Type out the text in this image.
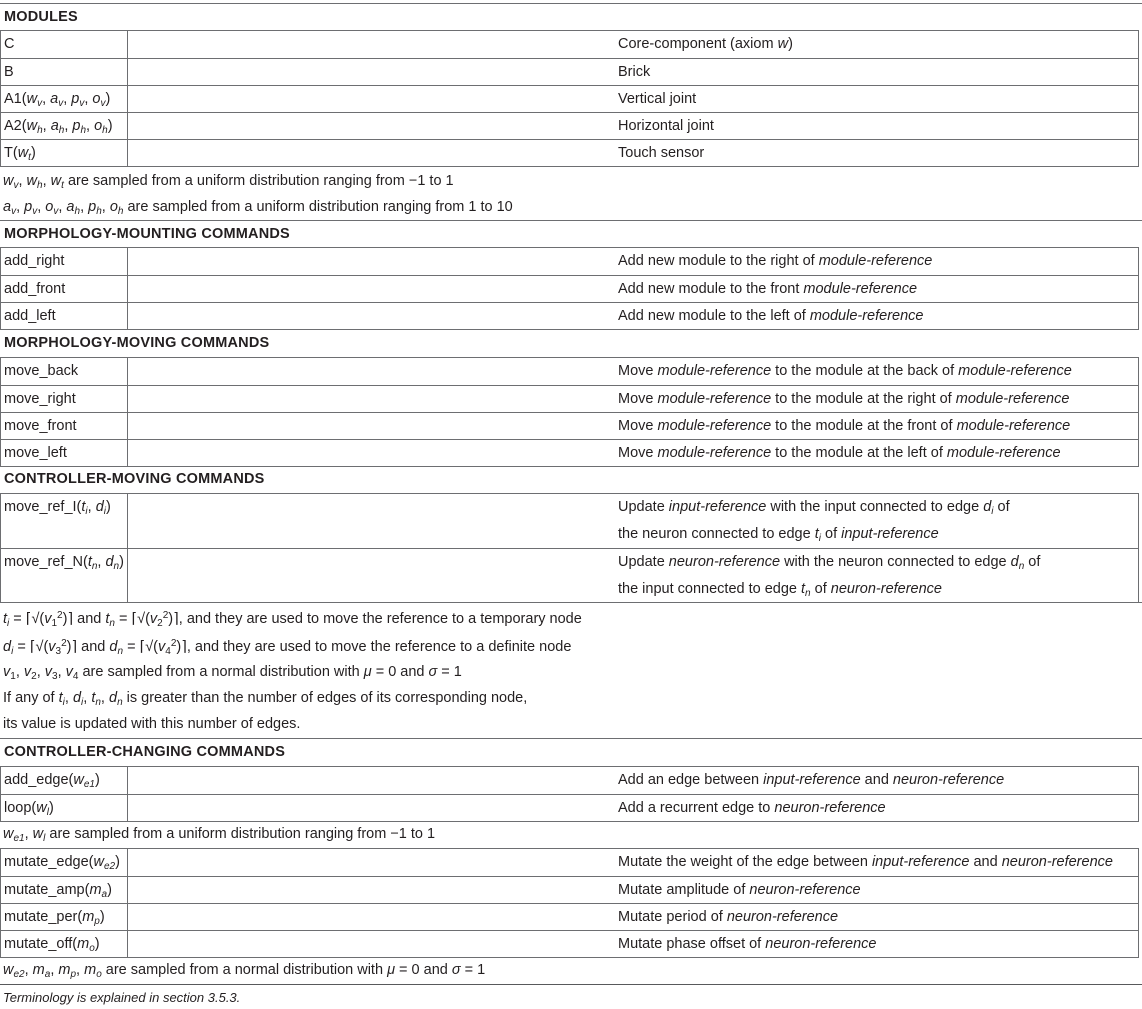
MODULES
C	Core-component (axiom w)
B	Brick
$A1(w_v$, $a_v$, $p_v$, $o_v$)	Vertical joint
$A2(w_h$, $a_h$, $p_h$, $o_h$)	Horizontal joint
$T(w_t)$	Touch sensor
$w_v$, $w_h$, $w_t$ are sampled from a uniform distribution ranging from −1 to 1
$a_v$, $p_v$, $o_v$, $a_h$, $p_h$, $o_h$ are sampled from a uniform distribution ranging from 1 to 10
MORPHOLOGY-MOUNTING COMMANDS
add_right	Add new module to the right of module-reference
add_front	Add new module to the front module-reference
add_left	Add new module to the left of module-reference
MORPHOLOGY-MOVING COMMANDS
move_back	Move module-reference to the module at the back of module-reference
move_right	Move module-reference to the module at the right of module-reference
move_front	Move module-reference to the module at the front of module-reference
move_left	Move module-reference to the module at the left of module-reference
CONTROLLER-MOVING COMMANDS
$move\_ref\_I(t_i$, $d_i$)	Update input-reference with the input connected to edge $d_i$ of
the neuron connected to edge $t_i$ of input-reference
$move\_ref\_N(t_n$, $d_n$)	Update neuron-reference with the neuron connected to edge $d_n$ of
the input connected to edge $t_n$ of neuron-reference
$t_i$ = $⌈√(v_1^2)⌉$ and $t_n$ = $⌈√(v_2^2)⌉$, and they are used to move the reference to a temporary node
$d_i$ = $⌈√(v_3^2)⌉$ and $d_n$ = $⌈√(v_4^2)⌉$, and they are used to move the reference to a definite node
$v_1$, $v_2$, $v_3$, $v_4$ are sampled from a normal distribution with μ = 0 and σ = 1
If any of $t_i$, $d_i$, $t_n$, $d_n$ is greater than the number of edges of its corresponding node,
its value is updated with this number of edges.
CONTROLLER-CHANGING COMMANDS
$add\_edge(w_{e1})$	Add an edge between input-reference and neuron-reference
$loop(w_l)$	Add a recurrent edge to neuron-reference
$w_{e1}$, $w_l$ are sampled from a uniform distribution ranging from −1 to 1
$mutate\_edge(w_{e2})$	Mutate the weight of the edge between input-reference and neuron-reference
$mutate\_amp(m_a)$	Mutate amplitude of neuron-reference
$mutate\_per(m_p)$	Mutate period of neuron-reference
$mutate\_off(m_o)$	Mutate phase offset of neuron-reference
$w_{e2}$, $m_a$, $m_p$, $m_o$ are sampled from a normal distribution with μ = 0 and σ = 1
Terminology is explained in section 3.5.3.
